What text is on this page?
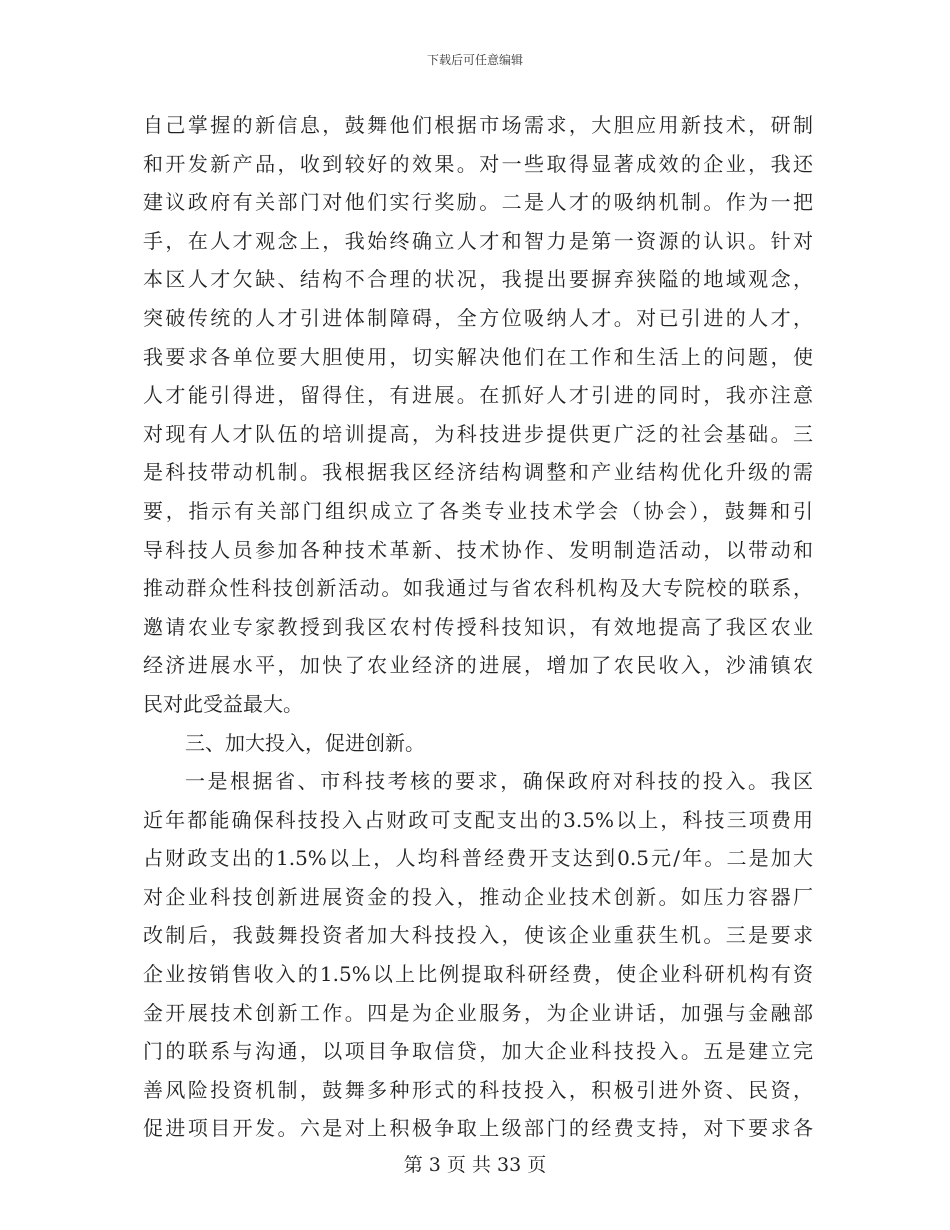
下载后可任意编辑
自己掌握的新信息，鼓舞他们根据市场需求，大胆应用新技术，研制
和开发新产品，收到较好的效果。对一些取得显著成效的企业，我还
建议政府有关部门对他们实行奖励。二是人才的吸纳机制。作为一把
手，在人才观念上，我始终确立人才和智力是第一资源的认识。针对
本区人才欠缺、结构不合理的状况，我提出要摒弃狭隘的地域观念，
突破传统的人才引进体制障碍，全方位吸纳人才。对已引进的人才，
我要求各单位要大胆使用，切实解决他们在工作和生活上的问题，使
人才能引得进，留得住，有进展。在抓好人才引进的同时，我亦注意
对现有人才队伍的培训提高，为科技进步提供更广泛的社会基础。三
是科技带动机制。我根据我区经济结构调整和产业结构优化升级的需
要，指示有关部门组织成立了各类专业技术学会（协会），鼓舞和引
导科技人员参加各种技术革新、技术协作、发明制造活动，以带动和
推动群众性科技创新活动。如我通过与省农科机构及大专院校的联系，
邀请农业专家教授到我区农村传授科技知识，有效地提高了我区农业
经济进展水平，加快了农业经济的进展，增加了农民收入，沙浦镇农
民对此受益最大。
三、加大投入，促进创新。
一是根据省、市科技考核的要求，确保政府对科技的投入。我区
近年都能确保科技投入占财政可支配支出的3.5%以上，科技三项费用
占财政支出的1.5%以上，人均科普经费开支达到0.5元/年。二是加大
对企业科技创新进展资金的投入，推动企业技术创新。如压力容器厂
改制后，我鼓舞投资者加大科技投入，使该企业重获生机。三是要求
企业按销售收入的1.5%以上比例提取科研经费，使企业科研机构有资
金开展技术创新工作。四是为企业服务，为企业讲话，加强与金融部
门的联系与沟通，以项目争取信贷，加大企业科技投入。五是建立完
善风险投资机制，鼓舞多种形式的科技投入，积极引进外资、民资，
促进项目开发。六是对上积极争取上级部门的经费支持，对下要求各
第 3 页 共 33 页
